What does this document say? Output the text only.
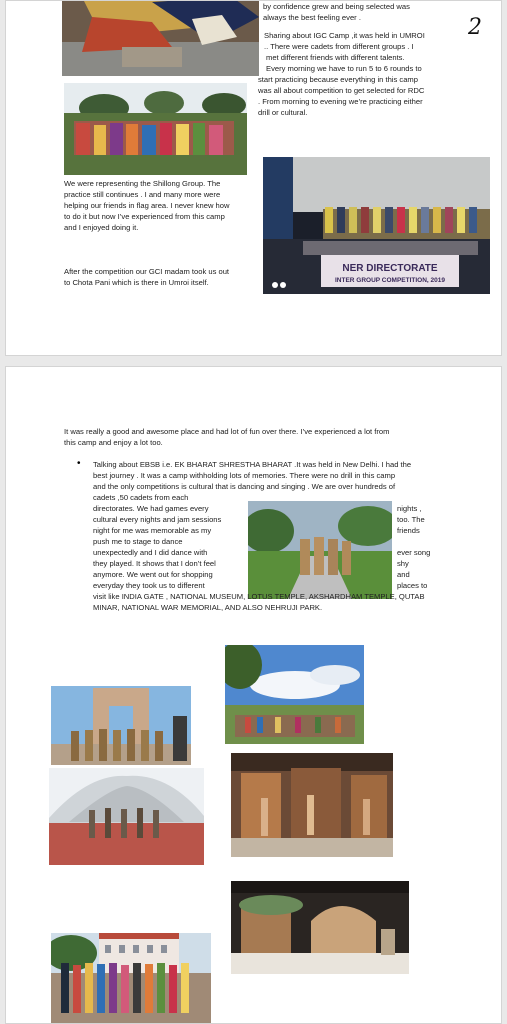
by confidence grew and being selected was
always the best feeling ever .	2
Sharing about IGC Camp ,it was held in UMROI
.. There were cadets from different groups . I
met different friends with different talents.
Every morning we have to run 5 to 6 rounds to
start practicing because everything in this camp
was all about competition to get selected for RDC
. From morning to evening we’re practicing either
drill or cultural.
We were representing the Shillong Group. The
practice still continues . I and many more were
helping our friends in flag area. I never knew how
to do it but now I’ve experienced from this camp
and I enjoyed doing it.
After the competition our GCI madam took us out
to Chota Pani which is there in Umroi itself.
NER DIRECTORATE
INTER GROUP COMPETITION, 2019
It was really a good and awesome place and had lot of fun over there. I’ve experienced a lot from
this camp and enjoy a lot too.
• Talking about EBSB i.e. EK BHARAT SHRESTHA BHARAT .It was held in New Delhi. I had the
best journey . It was a camp withholding lots of memories. There were no drill in this camp
and the only competitions is cultural that is dancing and singing . We are over hundreds of
cadets ,50 cadets from each
directorates. We had games every
cultural every nights and jam sessions
night for me was memorable as my
push me to stage to dance
unexpectedly and I did dance with
they played. It shows that I don’t feel
anymore. We went out for shopping
everyday they took us to different
nights ,
too. The
friends
ever song
shy
and
places to
visit like INDIA GATE , NATIONAL MUSEUM, LOTUS TEMPLE, AKSHARDHAM TEMPLE, QUTAB
MINAR, NATIONAL WAR MEMORIAL, AND ALSO NEHRUJI PARK.
